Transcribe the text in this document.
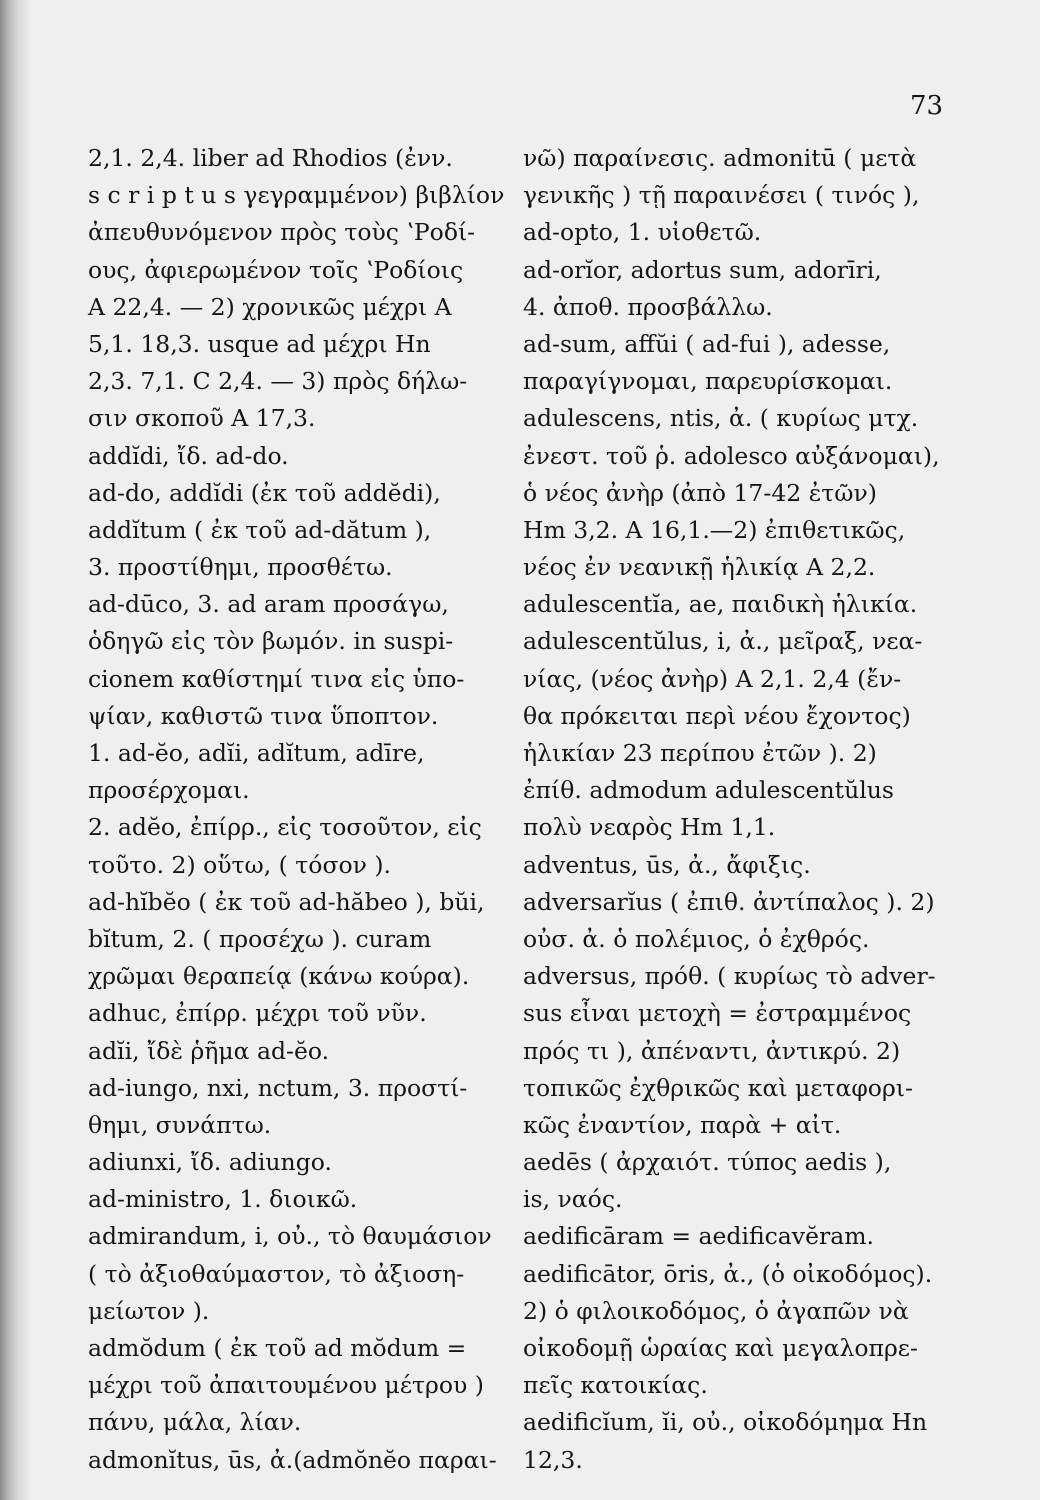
73
2,1. 2,4. liber ad Rhodios (ἐνν.
s c r i p t u s γεγραμμένον) βιβλίον
ἀπευθυνόμενον πρὸς τοὺς ʽΡοδί-
ους, ἀφιερωμένον τοῖς ʽΡοδίοις
A 22,4. — 2) χρονικῶς μέχρι A
5,1. 18,3. usque ad μέχρι Hn
2,3. 7,1. C 2,4. — 3) πρὸς δήλω-
σιν σκοποῦ A 17,3.
addĭdi, ἴδ. ad-do.
ad-do, addĭdi (ἐκ τοῦ addĕdi),
addĭtum ( ἐκ τοῦ ad-dătum ),
3. προστίθημι, προσθέτω.
ad-dūco, 3. ad aram προσάγω,
ὁδηγῶ εἰς τὸν βωμόν. in suspi-
cionem καθίστημί τινα εἰς ὑπο-
ψίαν, καθιστῶ τινα ὕποπτον.
1. ad-ĕo, adĭi, adĭtum, adīre,
προσέρχομαι.
2. adĕo, ἐπίρρ., εἰς τοσοῦτον, εἰς
τοῦτο. 2) οὕτω, ( τόσον ).
ad-hĭbĕo ( ἐκ τοῦ ad-hăbeo ), bŭi,
bĭtum, 2. ( προσέχω ). curam
χρῶμαι θεραπείᾳ (κάνω κούρα).
adhuc, ἐπίρρ. μέχρι τοῦ νῦν.
adĭi, ἴδὲ ῥῆμα ad-ĕo.
ad-iungo, nxi, nctum, 3. προστί-
θημι, συνάπτω.
adiunxi, ἴδ. adiungo.
ad-ministro, 1. διοικῶ.
admirandum, i, οὐ., τὸ θαυμάσιον
( τὸ ἀξιοθαύμαστον, τὸ ἀξιοση-
μείωτον ).
admŏdum ( ἐκ τοῦ ad mŏdum =
μέχρι τοῦ ἀπαιτουμένου μέτρου )
πάνυ, μάλα, λίαν.
admonĭtus, ūs, ἀ.(admŏnĕo παραι-
νῶ) παραίνεσις. admonitū ( μετὰ
γενικῆς ) τῇ παραινέσει ( τινός ),
ad-opto, 1. υἱοθετῶ.
ad-orĭor, adortus sum, adorīri,
4. ἀποθ. προσβάλλω.
ad-sum, affŭi ( ad-fui ), adesse,
παραγίγνομαι, παρευρίσκομαι.
adulescens, ntis, ἀ. ( κυρίως μτχ.
ἐνεστ. τοῦ ῥ. adolesco αὐξάνομαι),
ὁ νέος ἀνὴρ (ἀπὸ 17-42 ἐτῶν)
Hm 3,2. A 16,1.—2) ἐπιθετικῶς,
νέος ἐν νεανικῇ ἡλικίᾳ A 2,2.
adulescentĭa, ae, παιδικὴ ἡλικία.
adulescentŭlus, i, ἀ., μεῖραξ, νεα-
νίας, (νέος ἀνὴρ) A 2,1. 2,4 (ἔν-
θα πρόκειται περὶ νέου ἔχοντος)
ἡλικίαν 23 περίπου ἐτῶν ). 2)
ἐπίθ. admodum adulescentŭlus
πολὺ νεαρὸς Hm 1,1.
adventus, ūs, ἀ., ἄφιξις.
adversarĭus ( ἐπιθ. ἀντίπαλος ). 2)
οὐσ. ἀ. ὁ πολέμιος, ὁ ἐχθρός.
adversus, πρόθ. ( κυρίως τὸ adver-
sus εἶναι μετοχὴ = ἐστραμμένος
πρός τι ), ἀπέναντι, ἀντικρύ. 2)
τοπικῶς ἐχθρικῶς καὶ μεταφορι-
κῶς ἐναντίον, παρὰ + αἰτ.
aedēs ( ἀρχαιότ. τύπος aedis ),
is, ναός.
aedificāram = aedificavĕram.
aedificātor, ōris, ἀ., (ὁ οἰκοδόμος).
2) ὁ φιλοικοδόμος, ὁ ἀγαπῶν νὰ
οἰκοδομῇ ὡραίας καὶ μεγαλοπρε-
πεῖς κατοικίας.
aedificĭum, ĭi, οὐ., οἰκοδόμημα Hn
12,3.
